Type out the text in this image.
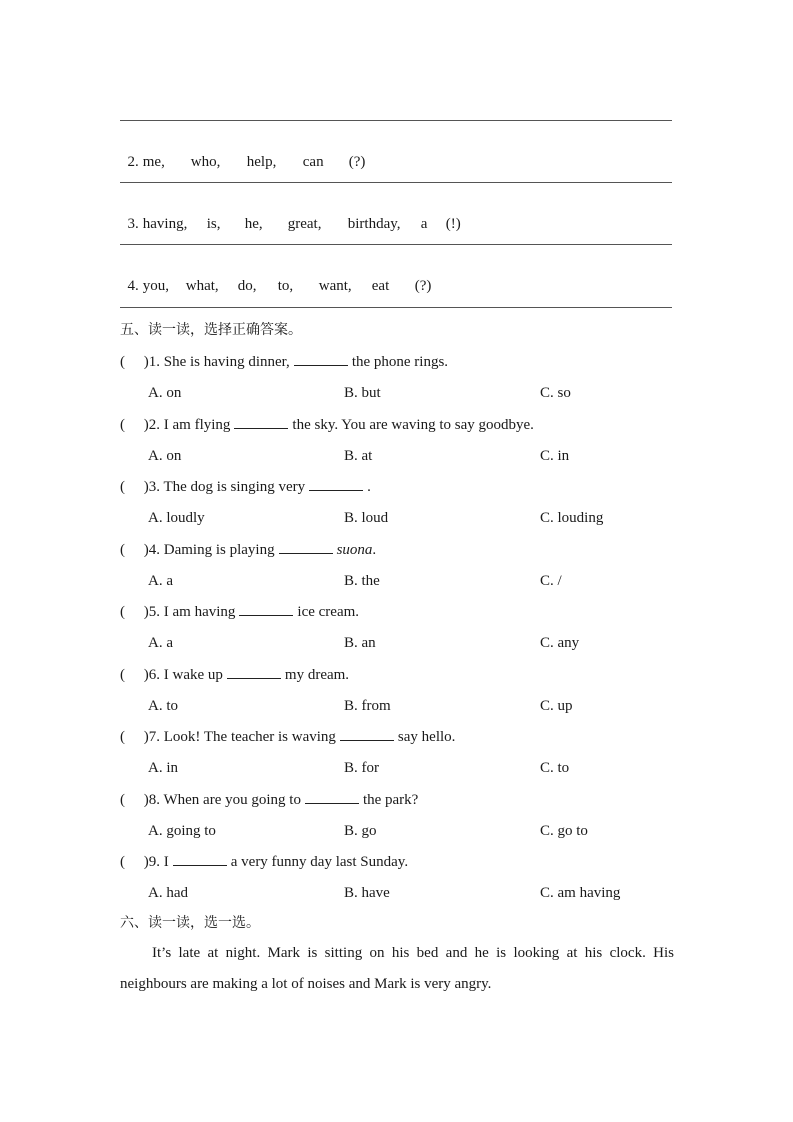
2. me, who, help, can (?)

3. having, is, he, great, birthday, a (!)

4. you, what, do, to, want, eat (?)

五、读一读，选择正确答案。
(     )1. She is having dinner,	the phone rings.
A. on	B. but	C. so
(     )2. I am flying	the sky. You are waving to say goodbye.
A. on	B. at	C. in
(     )3. The dog is singing very	.
A. loudly	B. loud	C. louding
(     )4. Daming is playing	suona.
A. a	B. the	C. /
(     )5. I am having	ice cream.
A. a	B. an	C. any
(     )6. I wake up	my dream.
A. to	B. from	C. up
(     )7. Look! The teacher is waving	say hello.
A. in	B. for	C. to
(     )8. When are you going to	the park?
A. going to	B. go	C. go to
(     )9. I	a very funny day last Sunday.
A. had	B. have	C. am having
六、读一读，选一选。
It’s late at night. Mark is sitting on his bed and he is looking at his clock. His neighbours are making a lot of noises and Mark is very angry.
